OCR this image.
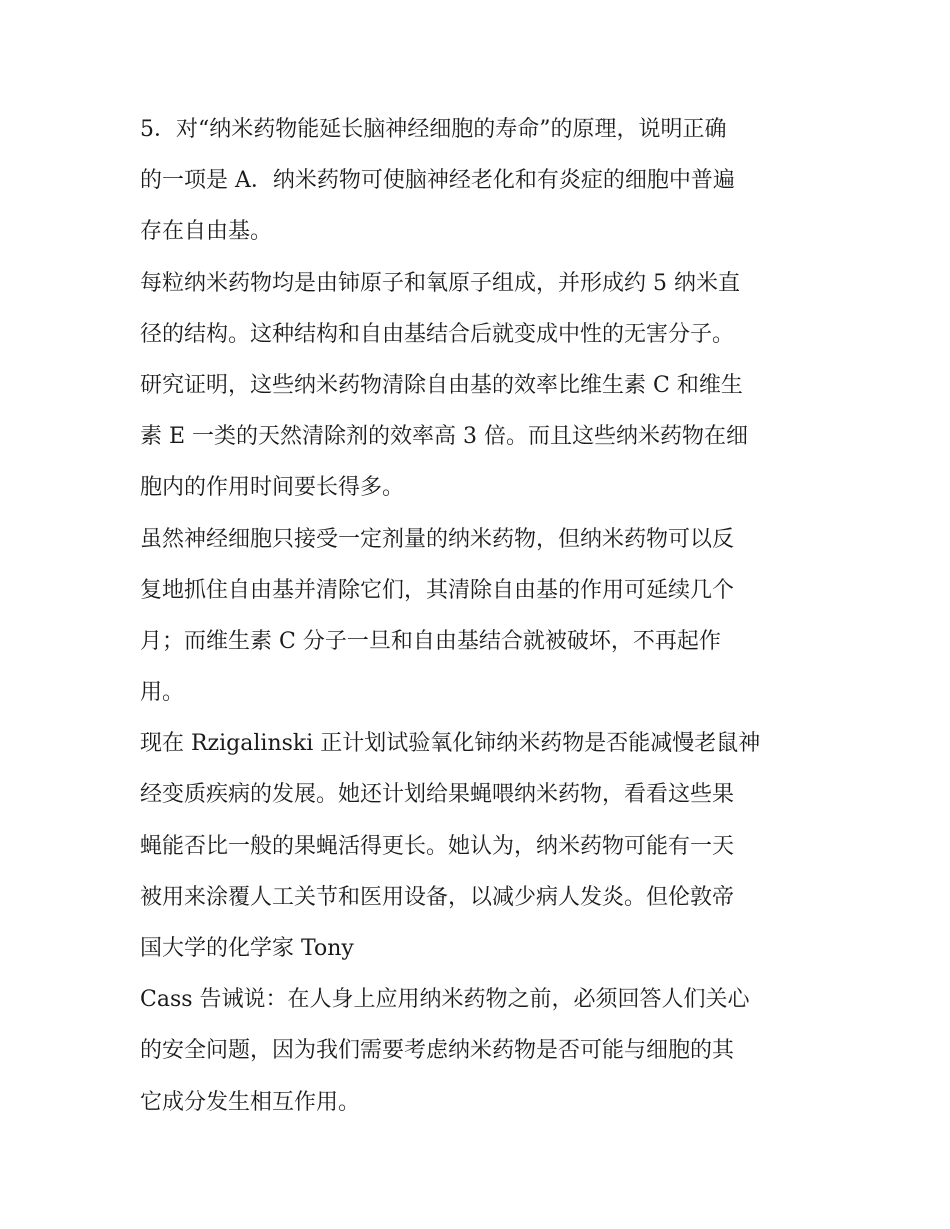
5．对“纳米药物能延长脑神经细胞的寿命”的原理，说明正确
的一项是 A．纳米药物可使脑神经老化和有炎症的细胞中普遍
存在自由基。
每粒纳米药物均是由铈原子和氧原子组成，并形成约 5 纳米直
径的结构。这种结构和自由基结合后就变成中性的无害分子。
研究证明，这些纳米药物清除自由基的效率比维生素 C 和维生
素 E 一类的天然清除剂的效率高 3 倍。而且这些纳米药物在细
胞内的作用时间要长得多。
虽然神经细胞只接受一定剂量的纳米药物，但纳米药物可以反
复地抓住自由基并清除它们，其清除自由基的作用可延续几个
月；而维生素 C 分子一旦和自由基结合就被破坏，不再起作
用。
现在 Rzigalinski 正计划试验氧化铈纳米药物是否能减慢老鼠神
经变质疾病的发展。她还计划给果蝇喂纳米药物，看看这些果
蝇能否比一般的果蝇活得更长。她认为，纳米药物可能有一天
被用来涂覆人工关节和医用设备，以减少病人发炎。但伦敦帝
国大学的化学家 Tony
Cass 告诫说：在人身上应用纳米药物之前，必须回答人们关心
的安全问题，因为我们需要考虑纳米药物是否可能与细胞的其
它成分发生相互作用。
